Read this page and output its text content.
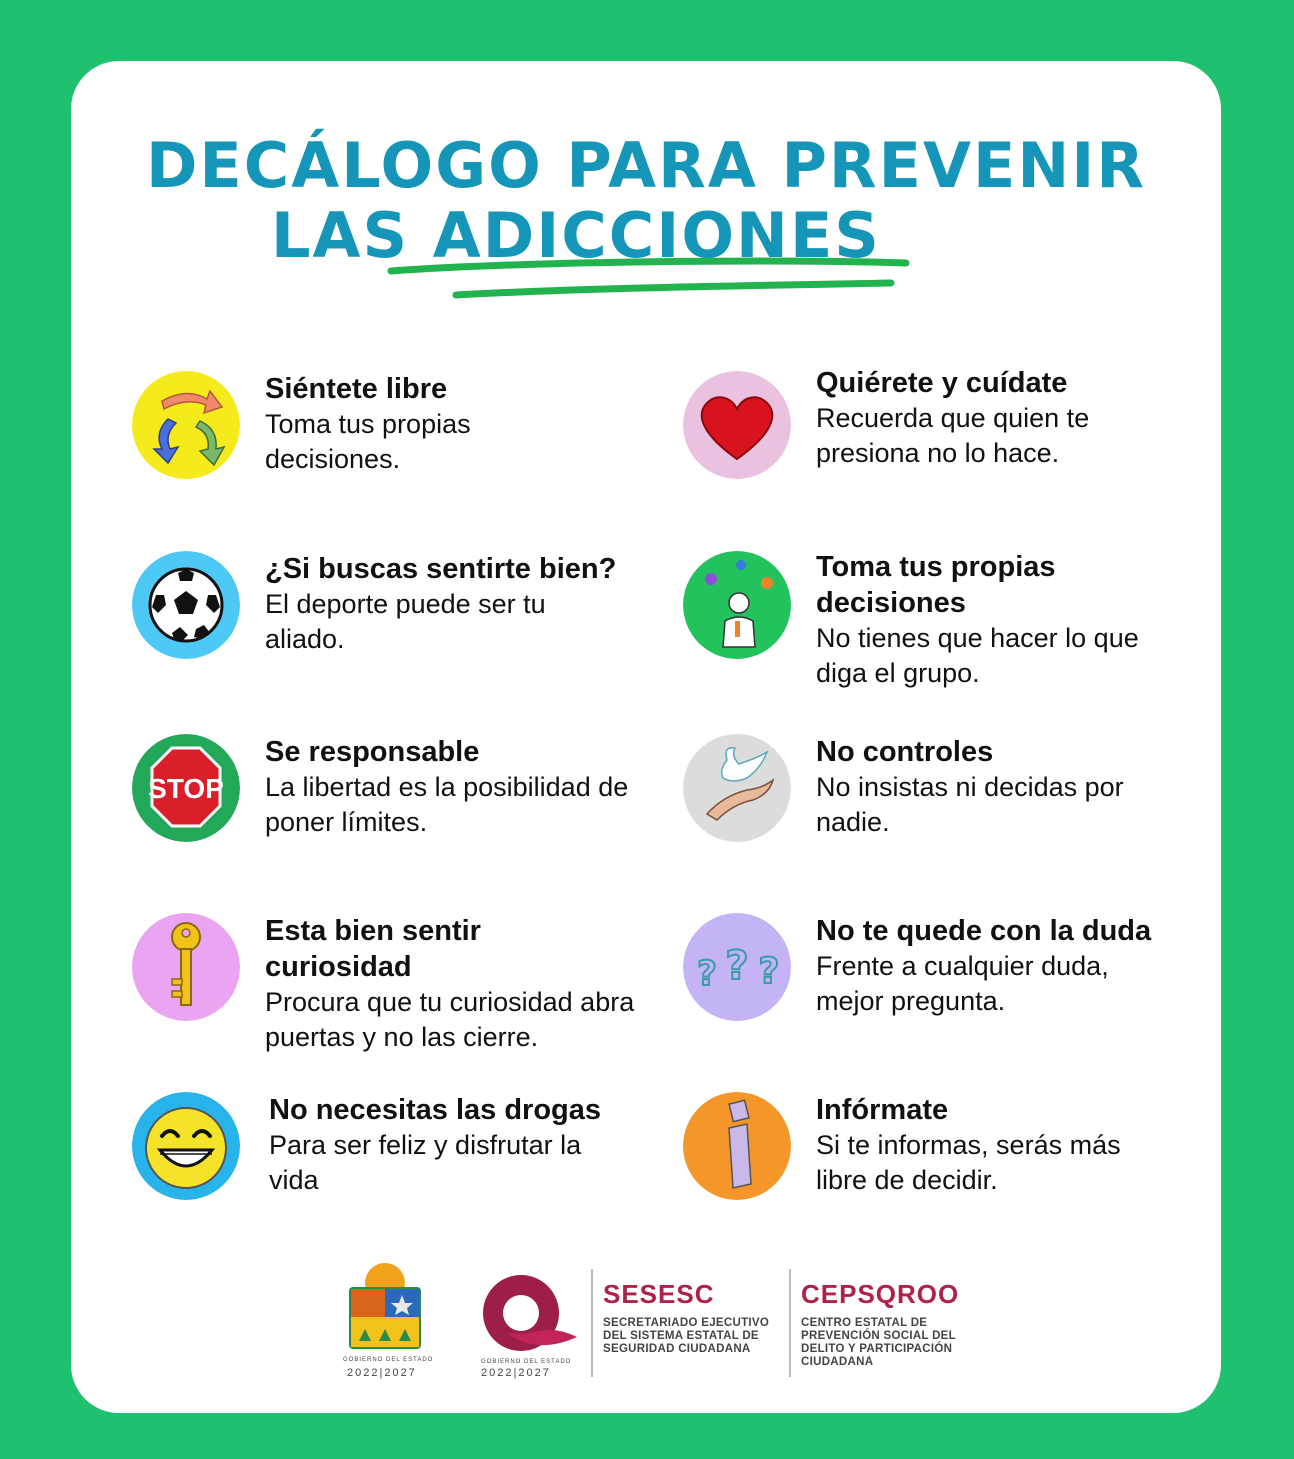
DECÁLOGO PARA PREVENIR
LAS ADICCIONES

Siéntete libre

Toma tus propias decisiones.

¿Si buscas sentirte bien?

El deporte puede ser tu aliado.

STOP

Se responsable

La libertad es la posibilidad de poner límites.

Esta bien sentir curiosidad

Procura que tu curiosidad abra puertas y no las cierre.

No necesitas las drogas

Para ser feliz y disfrutar la vida

Quiérete y cuídate

Recuerda que quien te presiona no lo hace.

Toma tus propias decisiones

No tienes que hacer lo que diga el grupo.

No controles

No insistas ni decidas por nadie.

? ? ?

No te quede con la duda

Frente a cualquier duda, mejor pregunta.

Infórmate

Si te informas, serás más libre de decidir.

GOBIERNO DEL ESTADO
2022|2027
GOBIERNO DEL ESTADO
2022|2027
SESESC
SECRETARIADO EJECUTIVO DEL SISTEMA ESTATAL DE SEGURIDAD CIUDADANA
CEPSQROO
CENTRO ESTATAL DE PREVENCIÓN SOCIAL DEL DELITO Y PARTICIPACIÓN CIUDADANA
